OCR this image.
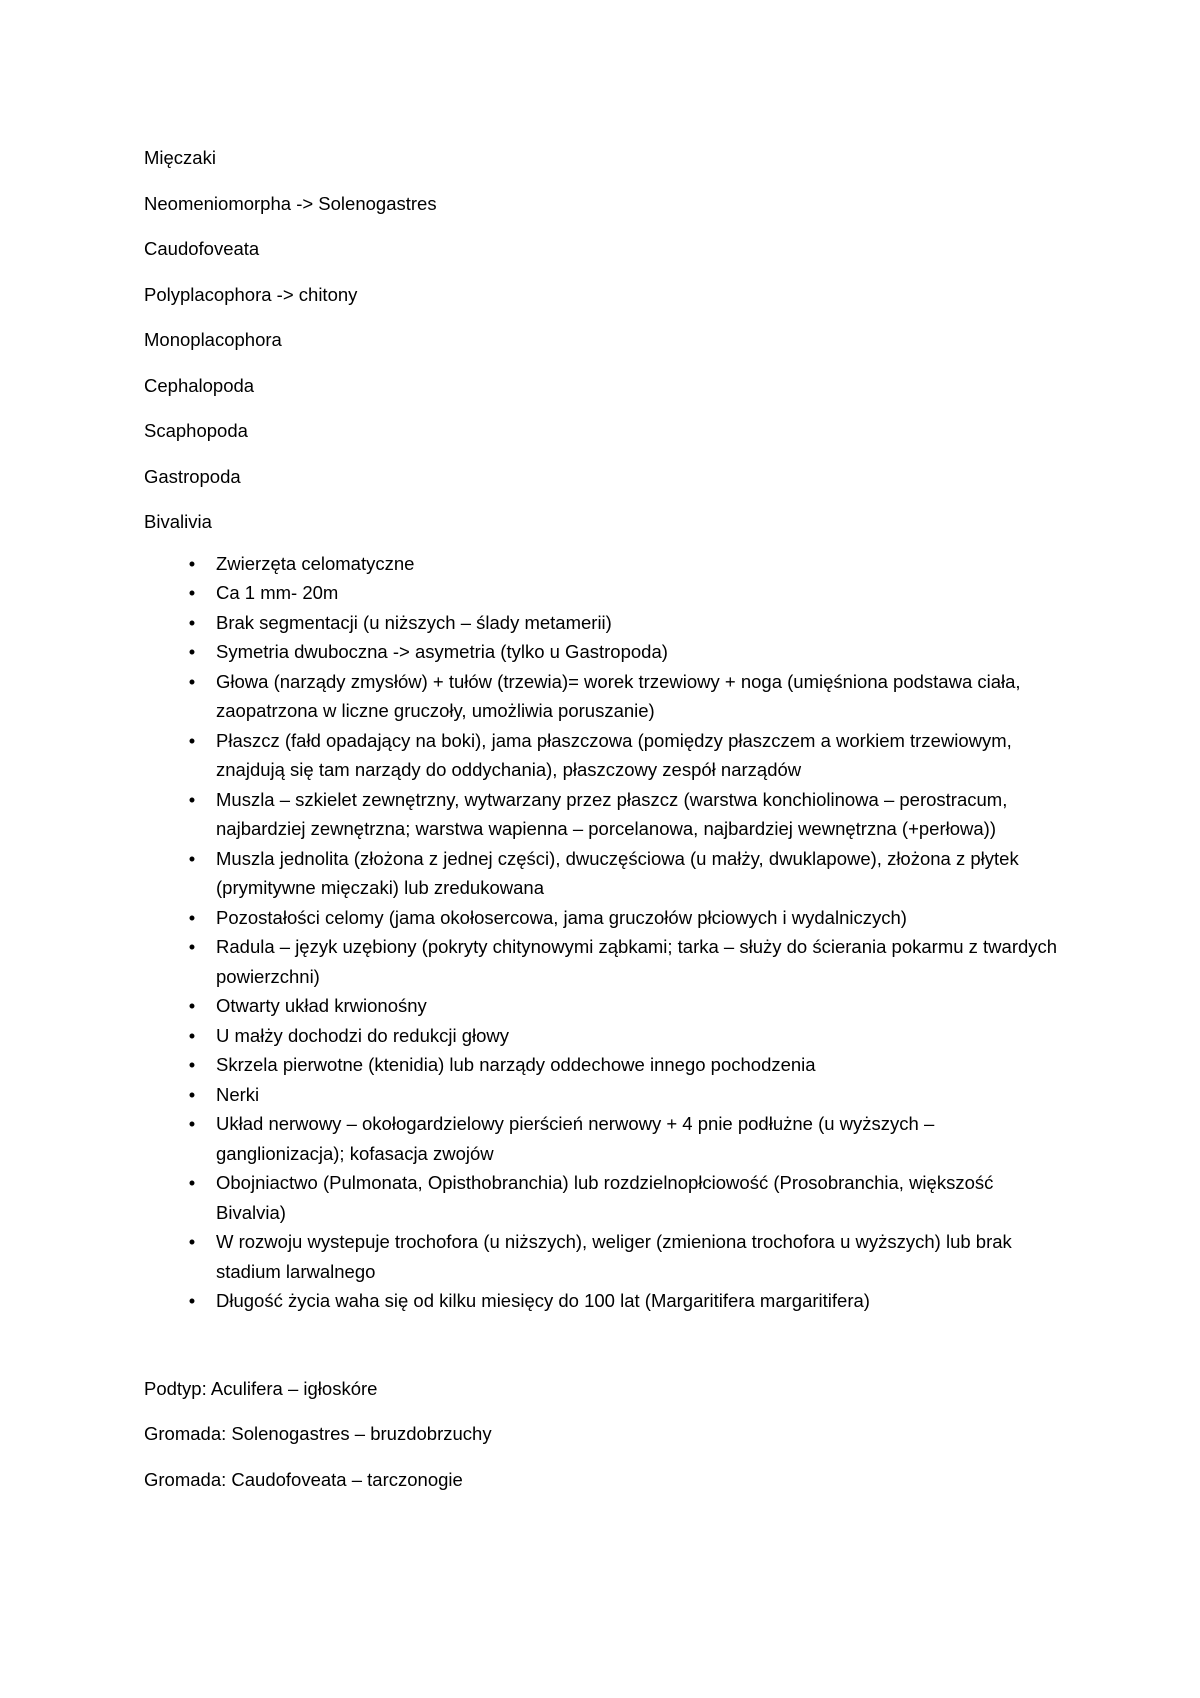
Mięczaki

Neomeniomorpha -> Solenogastres

Caudofoveata

Polyplacophora -> chitony

Monoplacophora

Cephalopoda

Scaphopoda

Gastropoda

Bivalivia

• Zwierzęta celomatyczne
• Ca 1 mm- 20m
• Brak segmentacji (u niższych – ślady metamerii)
• Symetria dwuboczna -> asymetria (tylko u Gastropoda)
• Głowa (narządy zmysłów) + tułów (trzewia)= worek trzewiowy + noga (umięśniona podstawa ciała, zaopatrzona w liczne gruczoły, umożliwia poruszanie)
• Płaszcz (fałd opadający na boki), jama płaszczowa (pomiędzy płaszczem a workiem trzewiowym, znajdują się tam narządy do oddychania), płaszczowy zespół narządów
• Muszla – szkielet zewnętrzny, wytwarzany przez płaszcz (warstwa konchiolinowa – perostracum, najbardziej zewnętrzna; warstwa wapienna – porcelanowa, najbardziej wewnętrzna (+perłowa))
• Muszla jednolita (złożona z jednej części), dwuczęściowa (u małży, dwuklapowe), złożona z płytek (prymitywne mięczaki) lub zredukowana
• Pozostałości celomy (jama okołosercowa, jama gruczołów płciowych i wydalniczych)
• Radula – język uzębiony (pokryty chitynowymi ząbkami; tarka – służy do ścierania pokarmu z twardych powierzchni)
• Otwarty układ krwionośny
• U małży dochodzi do redukcji głowy
• Skrzela pierwotne (ktenidia) lub narządy oddechowe innego pochodzenia
• Nerki
• Układ nerwowy – okołogardzielowy pierścień nerwowy + 4 pnie podłużne (u wyższych – ganglionizacja); kofasacja zwojów
• Obojniactwo (Pulmonata, Opisthobranchia) lub rozdzielnopłciowość (Prosobranchia, większość Bivalvia)
• W rozwoju wystepuje trochofora (u niższych), weliger (zmieniona trochofora u wyższych) lub brak stadium larwalnego
• Długość życia waha się od kilku miesięcy do 100 lat (Margaritifera margaritifera)

Podtyp: Aculifera – igłoskóre

Gromada: Solenogastres – bruzdobrzuchy

Gromada: Caudofoveata – tarczonogie
